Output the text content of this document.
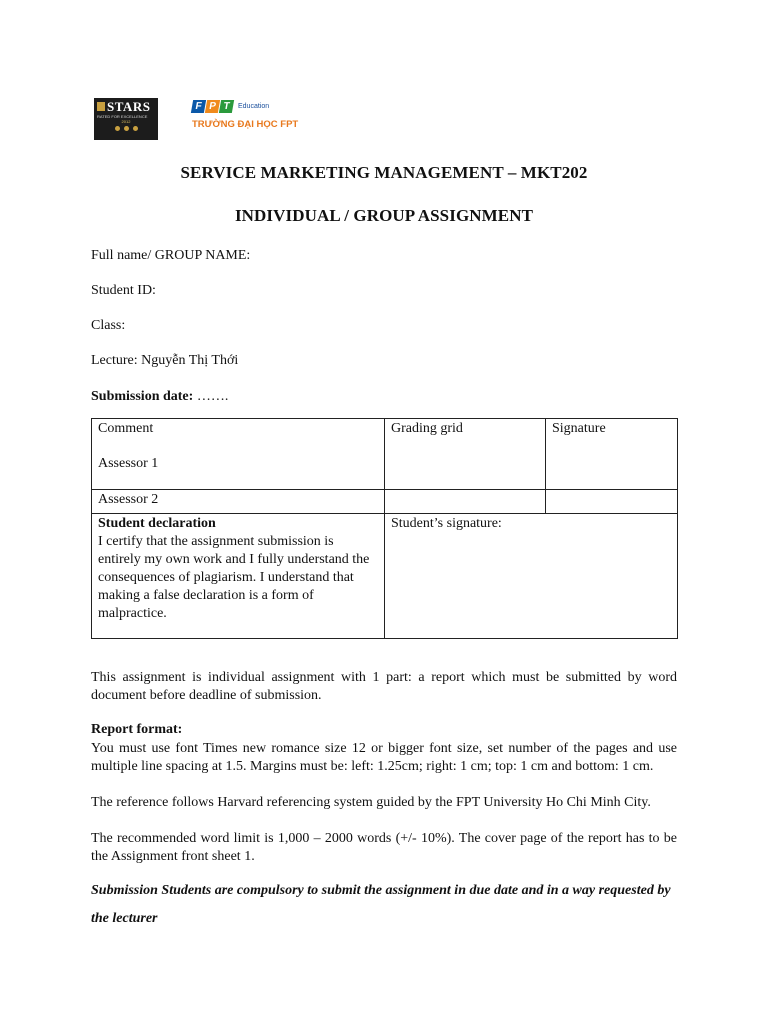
STARS
RATED FOR EXCELLENCE
2012
F P T	Education
TRƯỜNG ĐẠI HỌC FPT
SERVICE MARKETING MANAGEMENT – MKT202
INDIVIDUAL / GROUP ASSIGNMENT
Full name/ GROUP NAME:
Student ID:
Class:
Lecture: Nguyễn Thị Thới
Submission date: …….
Comment
Assessor 1
Grading grid	Signature
Assessor 2
Student declaration
I certify that the assignment submission is entirely my own work and I fully understand the consequences of plagiarism. I understand that making a false declaration is a form of malpractice.
Student’s signature:
This assignment is individual assignment with 1 part: a report which must be submitted by word document before deadline of submission.
Report format:
You must use font Times new romance size 12 or bigger font size, set number of the pages and use multiple line spacing at 1.5. Margins must be: left: 1.25cm; right: 1 cm; top: 1 cm and bottom: 1 cm.
The reference follows Harvard referencing system guided by the FPT University Ho Chi Minh City.
The recommended word limit is 1,000 – 2000 words (+/- 10%). The cover page of the report has to be the Assignment front sheet 1.
Submission Students are compulsory to submit the assignment in due date and in a way requested by the lecturer
